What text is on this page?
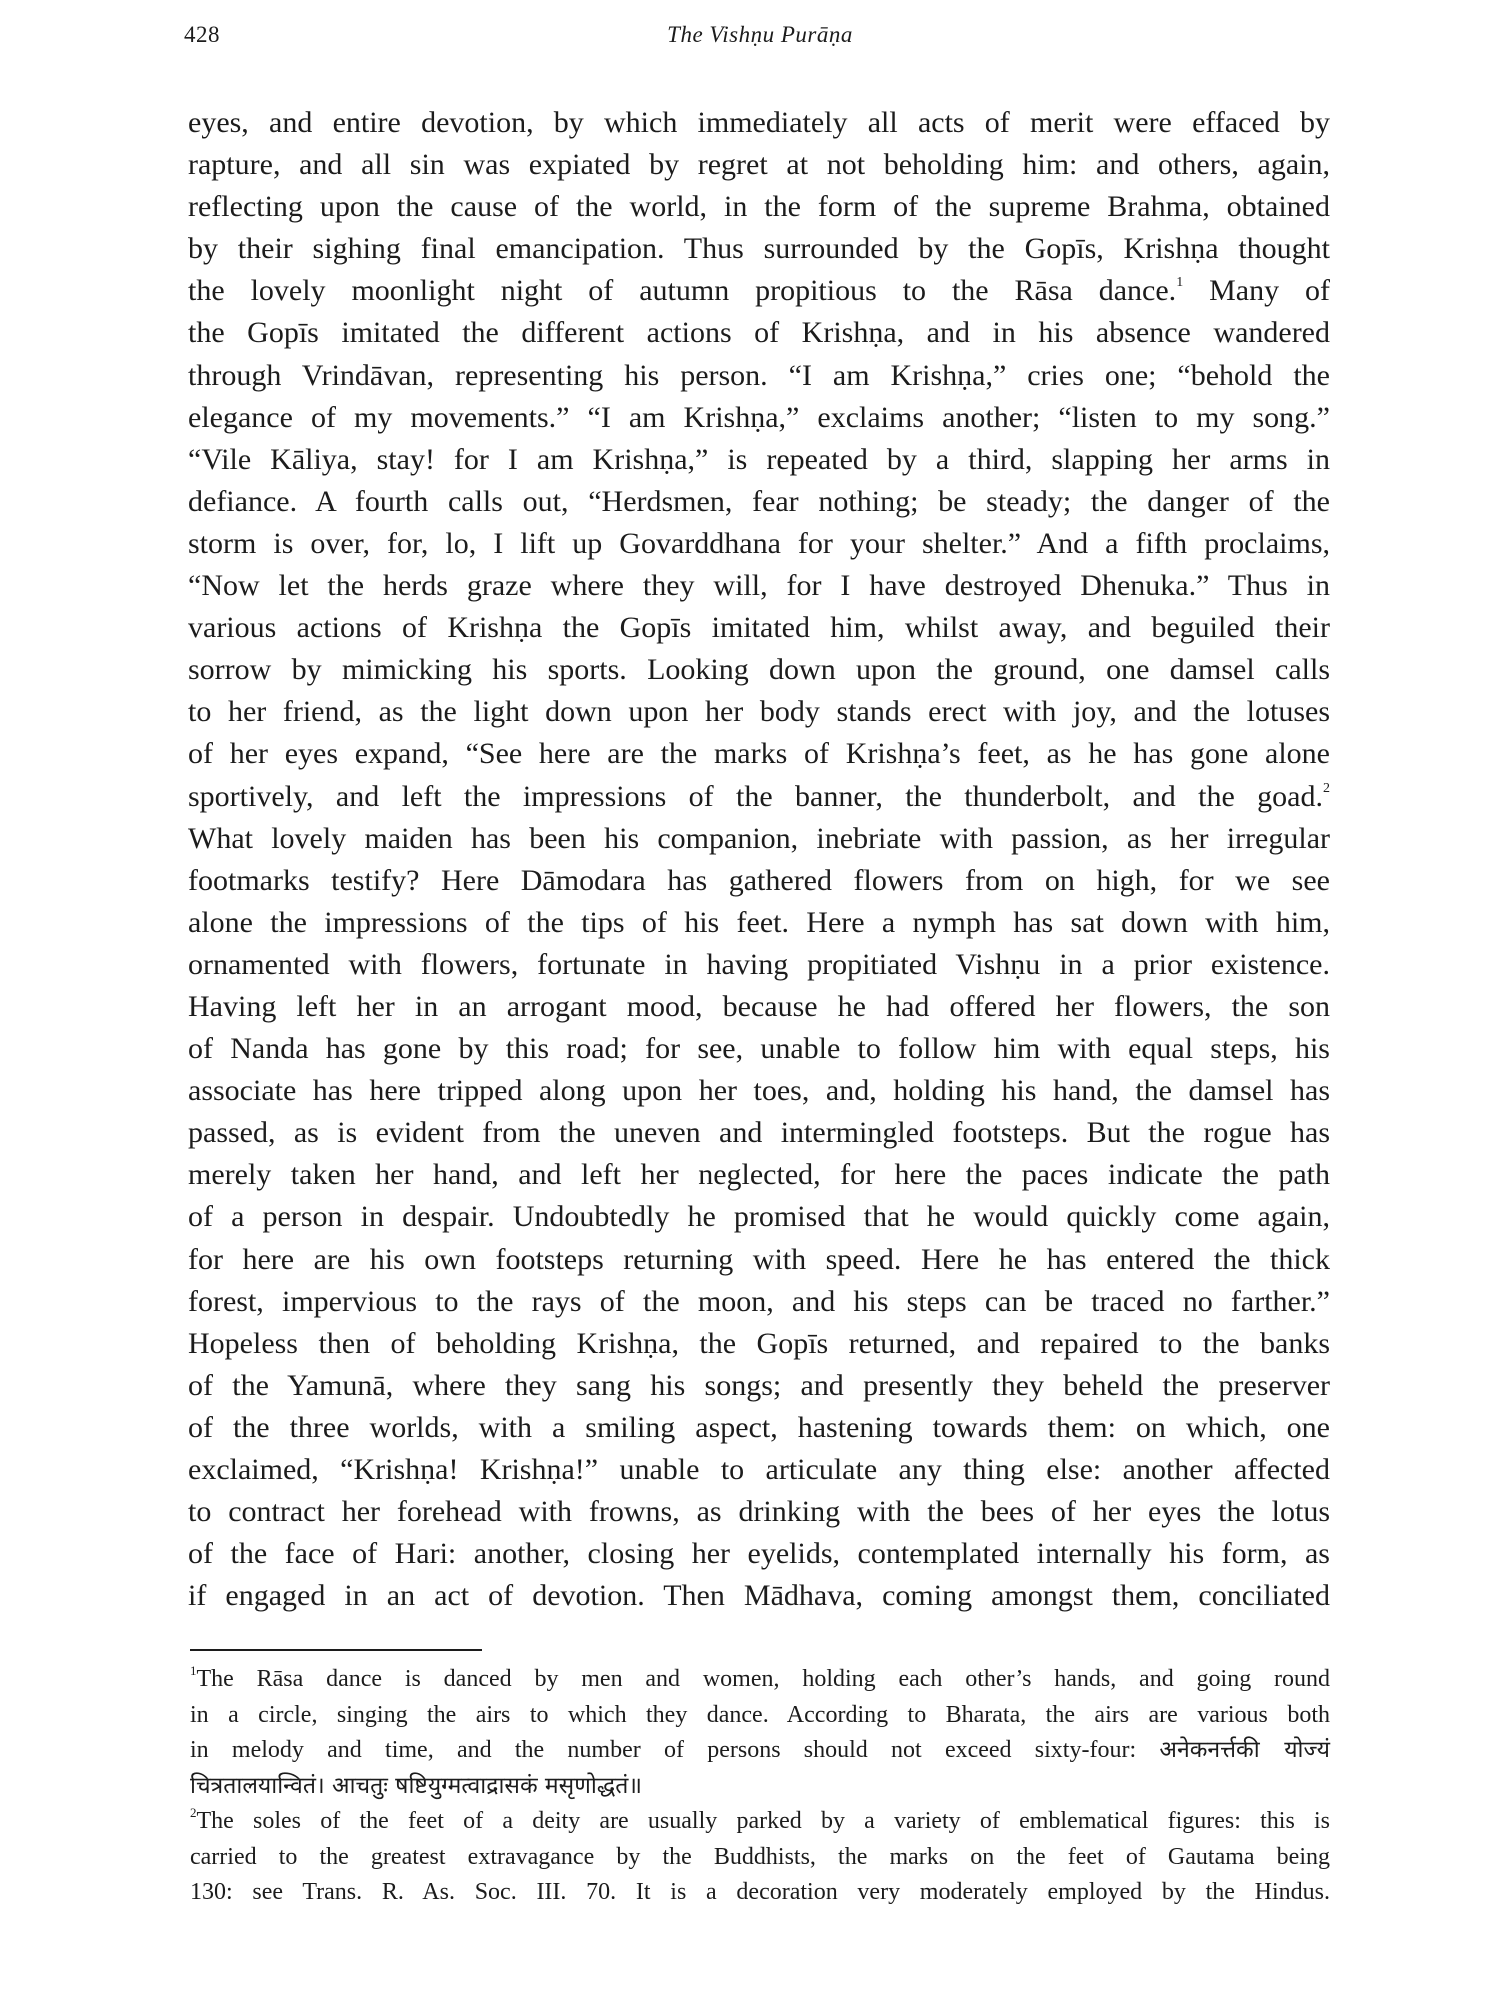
428	The Vishṇu Purāṇa
eyes, and entire devotion, by which immediately all acts of merit were effaced by
rapture, and all sin was expiated by regret at not beholding him: and others, again,
reflecting upon the cause of the world, in the form of the supreme Brahma, obtained
by their sighing final emancipation. Thus surrounded by the Gopīs, Krishṇa thought
the lovely moonlight night of autumn propitious to the Rāsa dance.$^1$ Many of
the Gopīs imitated the different actions of Krishṇa, and in his absence wandered
through Vrindāvan, representing his person. “I am Krishṇa,” cries one; “behold the
elegance of my movements.” “I am Krishṇa,” exclaims another; “listen to my song.”
“Vile Kāliya, stay! for I am Krishṇa,” is repeated by a third, slapping her arms in
defiance. A fourth calls out, “Herdsmen, fear nothing; be steady; the danger of the
storm is over, for, lo, I lift up Govarddhana for your shelter.” And a fifth proclaims,
“Now let the herds graze where they will, for I have destroyed Dhenuka.” Thus in
various actions of Krishṇa the Gopīs imitated him, whilst away, and beguiled their
sorrow by mimicking his sports. Looking down upon the ground, one damsel calls
to her friend, as the light down upon her body stands erect with joy, and the lotuses
of her eyes expand, “See here are the marks of Krishṇa’s feet, as he has gone alone
sportively, and left the impressions of the banner, the thunderbolt, and the goad.$^2$
What lovely maiden has been his companion, inebriate with passion, as her irregular
footmarks testify? Here Dāmodara has gathered flowers from on high, for we see
alone the impressions of the tips of his feet. Here a nymph has sat down with him,
ornamented with flowers, fortunate in having propitiated Vishṇu in a prior existence.
Having left her in an arrogant mood, because he had offered her flowers, the son
of Nanda has gone by this road; for see, unable to follow him with equal steps, his
associate has here tripped along upon her toes, and, holding his hand, the damsel has
passed, as is evident from the uneven and intermingled footsteps. But the rogue has
merely taken her hand, and left her neglected, for here the paces indicate the path
of a person in despair. Undoubtedly he promised that he would quickly come again,
for here are his own footsteps returning with speed. Here he has entered the thick
forest, impervious to the rays of the moon, and his steps can be traced no farther.”
Hopeless then of beholding Krishṇa, the Gopīs returned, and repaired to the banks
of the Yamunā, where they sang his songs; and presently they beheld the preserver
of the three worlds, with a smiling aspect, hastening towards them: on which, one
exclaimed, “Krishṇa! Krishṇa!” unable to articulate any thing else: another affected
to contract her forehead with frowns, as drinking with the bees of her eyes the lotus
of the face of Hari: another, closing her eyelids, contemplated internally his form, as
if engaged in an act of devotion. Then Mādhava, coming amongst them, conciliated
$^1$The Rāsa dance is danced by men and women, holding each other’s hands, and going round
in a circle, singing the airs to which they dance. According to Bharata, the airs are various both
in melody and time, and the number of persons should not exceed sixty-four: अनेकनर्त्तकी योज्यं
चित्रतालयान्वितं। आचतुः षष्टियुग्मत्वाद्रासकं मसृणोद्धतं॥
$^2$The soles of the feet of a deity are usually parked by a variety of emblematical figures: this is
carried to the greatest extravagance by the Buddhists, the marks on the feet of Gautama being
130: see Trans. R. As. Soc. III. 70. It is a decoration very moderately employed by the Hindus.
